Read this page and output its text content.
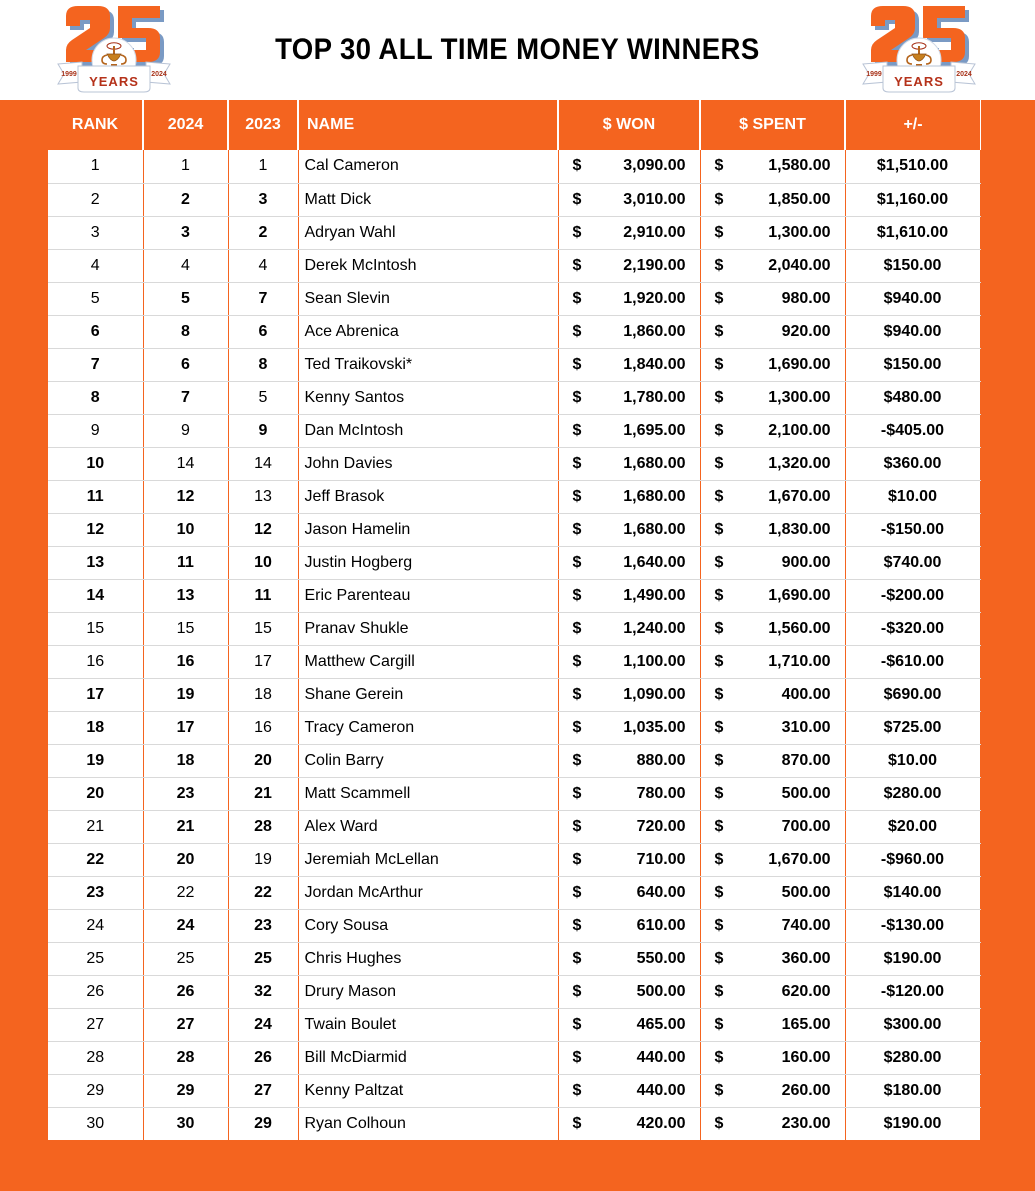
TOP 30 ALL TIME MONEY WINNERS
1999	2024
YEARS	1999	2024
YEARS
RANK	2024	2023	NAME	$ WON	$ SPENT	+/-
1	1	1	Cal Cameron	$ 3,090.00	$ 1,580.00	$1,510.00
2	2	3	Matt Dick	$ 3,010.00	$ 1,850.00	$1,160.00
3	3	2	Adryan Wahl	$ 2,910.00	$ 1,300.00	$1,610.00
4	4	4	Derek McIntosh	$ 2,190.00	$ 2,040.00	$150.00
5	5	7	Sean Slevin	$ 1,920.00	$ 980.00	$940.00
6	8	6	Ace Abrenica	$ 1,860.00	$ 920.00	$940.00
7	6	8	Ted Traikovski*	$ 1,840.00	$ 1,690.00	$150.00
8	7	5	Kenny Santos	$ 1,780.00	$ 1,300.00	$480.00
9	9	9	Dan McIntosh	$ 1,695.00	$ 2,100.00	-$405.00
10	14	14	John Davies	$ 1,680.00	$ 1,320.00	$360.00
11	12	13	Jeff Brasok	$ 1,680.00	$ 1,670.00	$10.00
12	10	12	Jason Hamelin	$ 1,680.00	$ 1,830.00	-$150.00
13	11	10	Justin Hogberg	$ 1,640.00	$ 900.00	$740.00
14	13	11	Eric Parenteau	$ 1,490.00	$ 1,690.00	-$200.00
15	15	15	Pranav Shukle	$ 1,240.00	$ 1,560.00	-$320.00
16	16	17	Matthew Cargill	$ 1,100.00	$ 1,710.00	-$610.00
17	19	18	Shane Gerein	$ 1,090.00	$ 400.00	$690.00
18	17	16	Tracy Cameron	$ 1,035.00	$ 310.00	$725.00
19	18	20	Colin Barry	$ 880.00	$ 870.00	$10.00
20	23	21	Matt Scammell	$ 780.00	$ 500.00	$280.00
21	21	28	Alex Ward	$ 720.00	$ 700.00	$20.00
22	20	19	Jeremiah McLellan	$ 710.00	$ 1,670.00	-$960.00
23	22	22	Jordan McArthur	$ 640.00	$ 500.00	$140.00
24	24	23	Cory Sousa	$ 610.00	$ 740.00	-$130.00
25	25	25	Chris Hughes	$ 550.00	$ 360.00	$190.00
26	26	32	Drury Mason	$ 500.00	$ 620.00	-$120.00
27	27	24	Twain Boulet	$ 465.00	$ 165.00	$300.00
28	28	26	Bill McDiarmid	$ 440.00	$ 160.00	$280.00
29	29	27	Kenny Paltzat	$ 440.00	$ 260.00	$180.00
30	30	29	Ryan Colhoun	$ 420.00	$ 230.00	$190.00
